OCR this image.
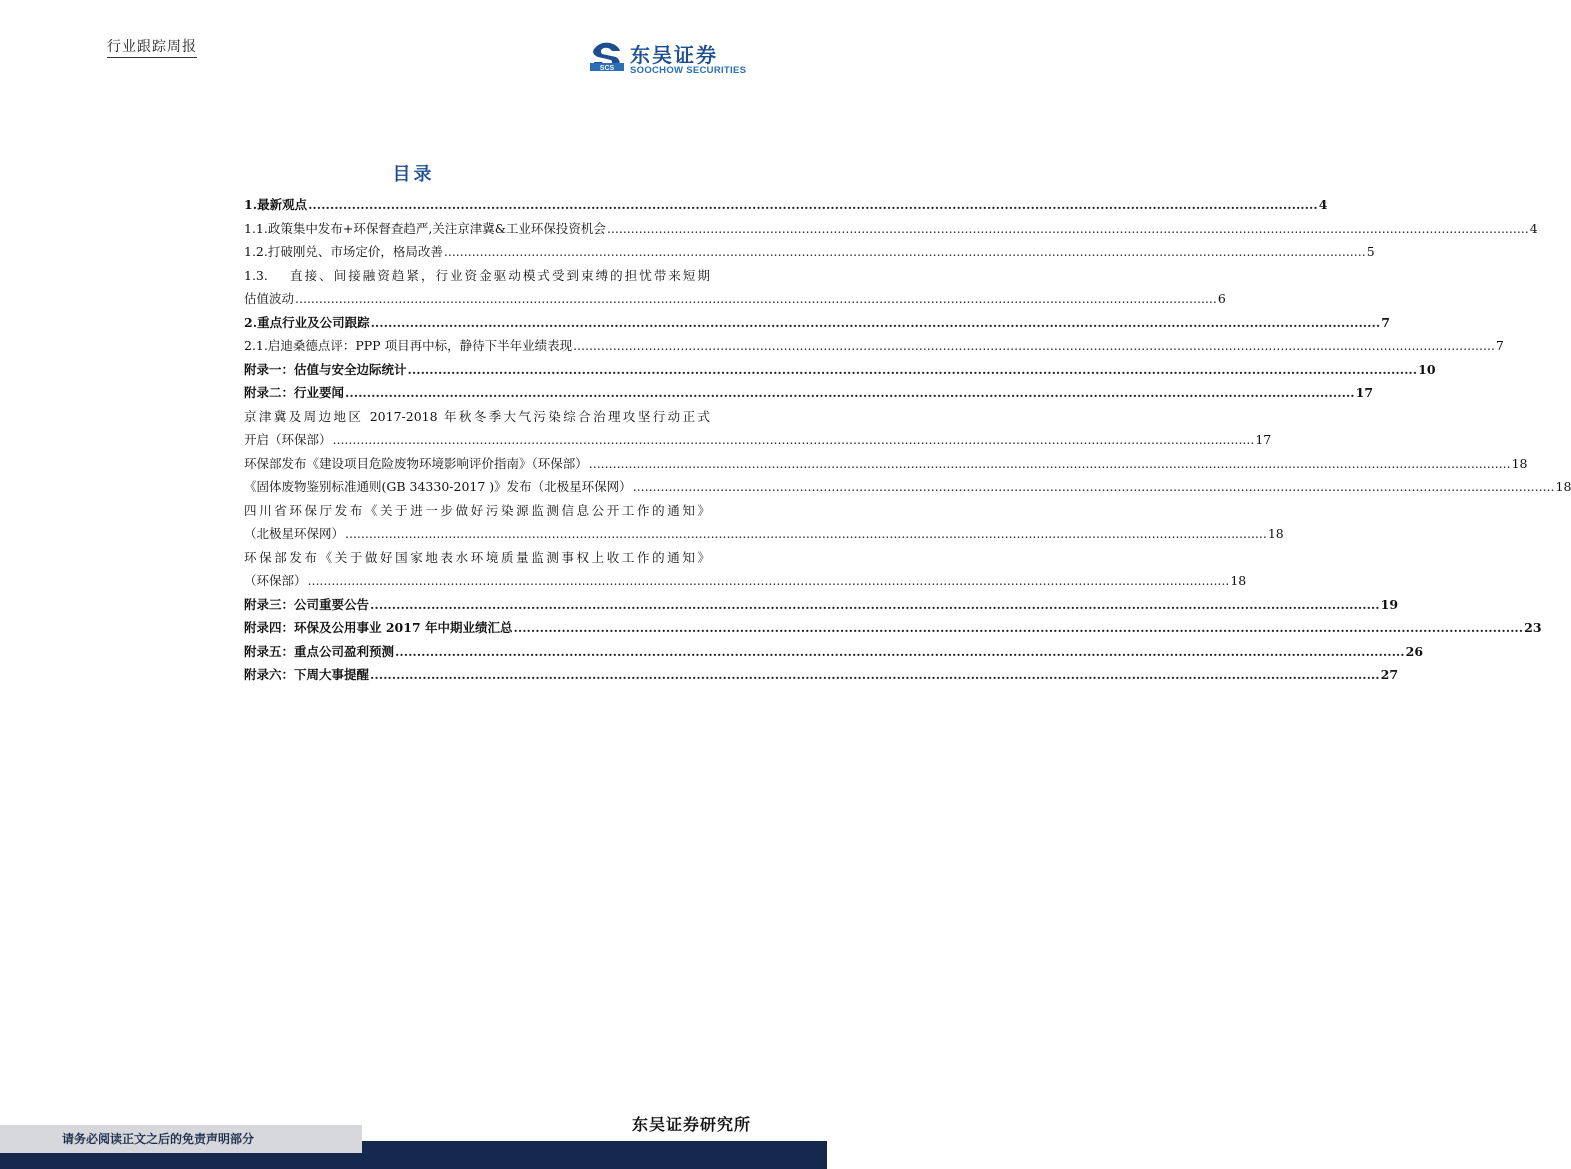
行业跟踪周报
SCS
东吴证券
SOOCHOW SECURITIES
目录
1. 最新观点 .....	4
1.1. 政策集中发布+环保督查趋严,关注京津冀&工业环保投资机会 .....	4
1.2. 打破刚兑、市场定价，格局改善 .....	5
1.3. 直接、间接融资趋紧，行业资金驱动模式受到束缚的担忧带来短期
估值波动 .....	6
2. 重点行业及公司跟踪 .....	7
2.1. 启迪桑德点评：PPP 项目再中标，静待下半年业绩表现 .....	7
附录一：估值与安全边际统计 .....	10
附录二：行业要闻 .....	17
京津冀及周边地区 2017-2018 年秋冬季大气污染综合治理攻坚行动正式
开启（环保部） .....	17
环保部发布《建设项目危险废物环境影响评价指南》（环保部） .....	18
《固体废物鉴别标准通则(GB 34330-2017 )》发布（北极星环保网） .....	18
四川省环保厅发布《关于进一步做好污染源监测信息公开工作的通知》
（北极星环保网） .....	18
环保部发布《关于做好国家地表水环境质量监测事权上收工作的通知》
（环保部） .....	18
附录三：公司重要公告 .....	19
附录四：环保及公用事业 2017 年中期业绩汇总 .....	23
附录五：重点公司盈利预测 .....	26
附录六：下周大事提醒 .....	27
请务必阅读正文之后的免责声明部分
东吴证券研究所
